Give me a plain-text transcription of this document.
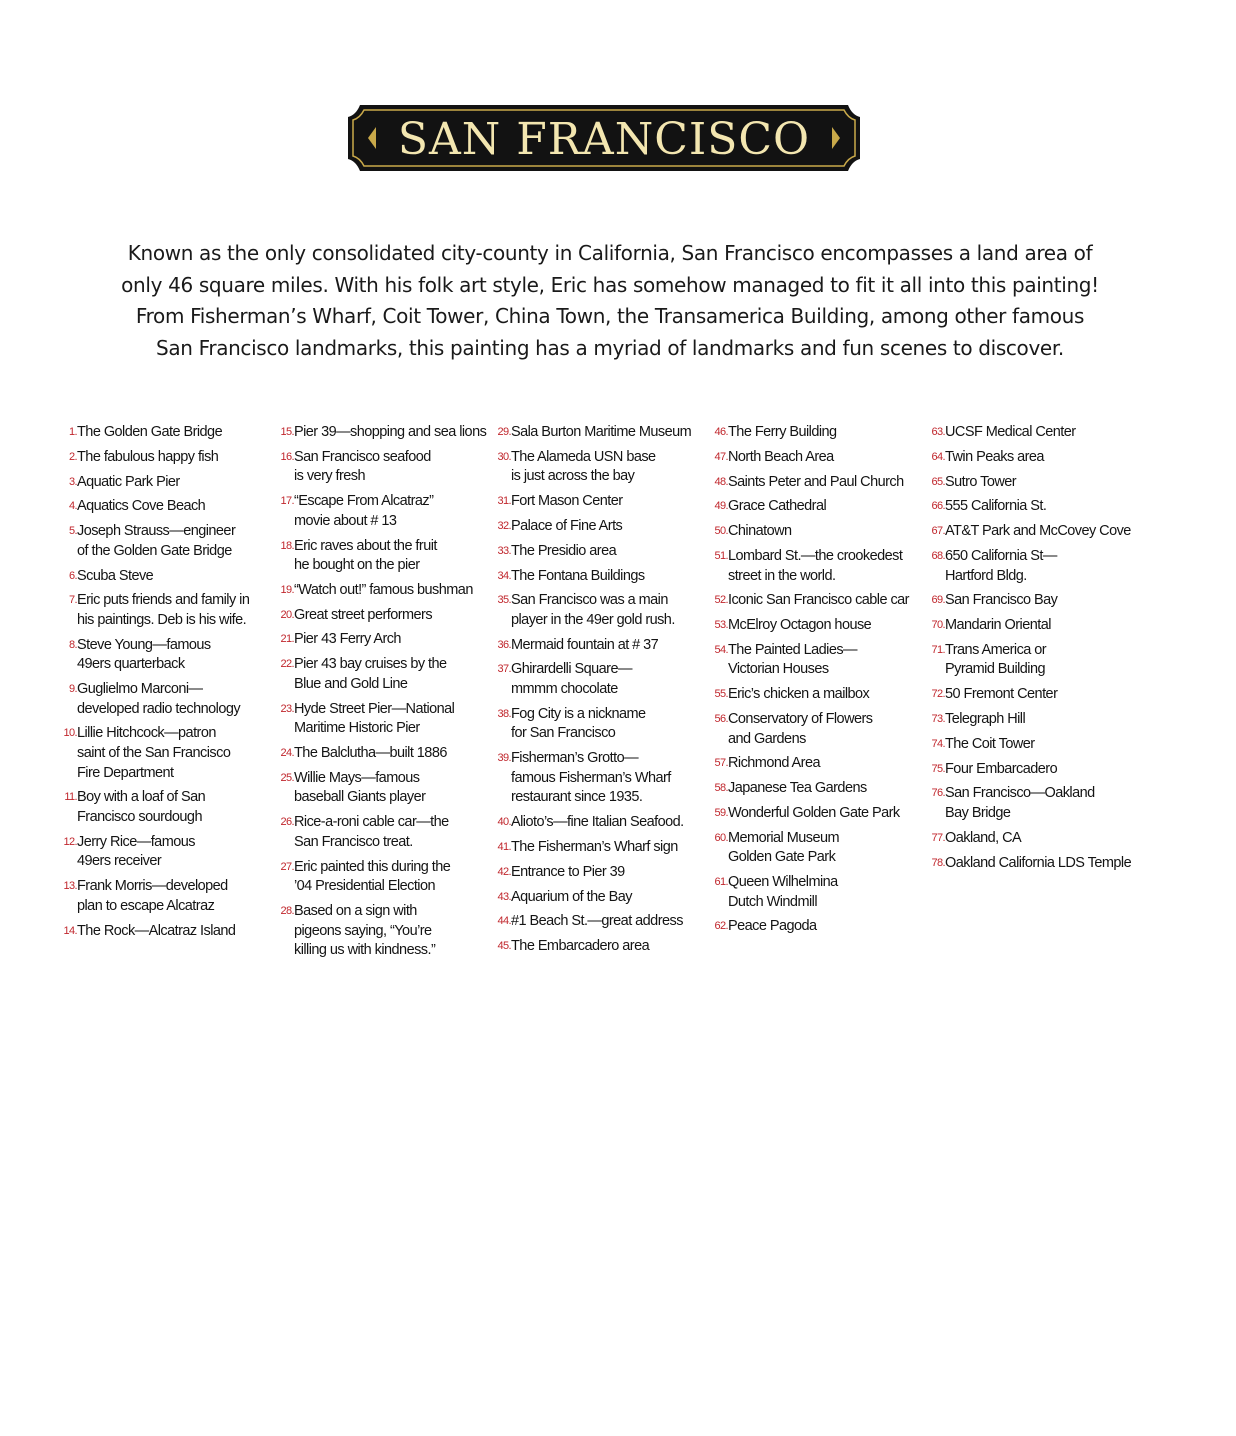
SAN FRANCISCO
Known as the only consolidated city-county in California, San Francisco encompasses a land area of
only 46 square miles. With his folk art style, Eric has somehow managed to fit it all into this painting!
From Fisherman’s Wharf, Coit Tower, China Town, the Transamerica Building, among other famous
San Francisco landmarks, this painting has a myriad of landmarks and fun scenes to discover.
1. The Golden Gate Bridge
2. The fabulous happy fish
3. Aquatic Park Pier
4. Aquatics Cove Beach
5. Joseph Strauss—engineer
of the Golden Gate Bridge
6. Scuba Steve
7. Eric puts friends and family in
his paintings. Deb is his wife.
8. Steve Young—famous
49ers quarterback
9. Guglielmo Marconi—
developed radio technology
10. Lillie Hitchcock—patron
saint of the San Francisco
Fire Department
11. Boy with a loaf of San
Francisco sourdough
12. Jerry Rice—famous
49ers receiver
13. Frank Morris—developed
plan to escape Alcatraz
14. The Rock—Alcatraz Island
15. Pier 39—shopping and sea lions
16. San Francisco seafood
is very fresh
17. “Escape From Alcatraz”
movie about # 13
18. Eric raves about the fruit
he bought on the pier
19. “Watch out!” famous bushman
20. Great street performers
21. Pier 43 Ferry Arch
22. Pier 43 bay cruises by the
Blue and Gold Line
23. Hyde Street Pier—National
Maritime Historic Pier
24. The Balclutha—built 1886
25. Willie Mays—famous
baseball Giants player
26. Rice-a-roni cable car—the
San Francisco treat.
27. Eric painted this during the
’04 Presidential Election
28. Based on a sign with
pigeons saying, “You’re
killing us with kindness.”
29. Sala Burton Maritime Museum
30. The Alameda USN base
is just across the bay
31. Fort Mason Center
32. Palace of Fine Arts
33. The Presidio area
34. The Fontana Buildings
35. San Francisco was a main
player in the 49er gold rush.
36. Mermaid fountain at # 37
37. Ghirardelli Square—
mmmm chocolate
38. Fog City is a nickname
for San Francisco
39. Fisherman’s Grotto—
famous Fisherman’s Wharf
restaurant since 1935.
40. Alioto’s—fine Italian Seafood.
41. The Fisherman’s Wharf sign
42. Entrance to Pier 39
43. Aquarium of the Bay
44. #1 Beach St.—great address
45. The Embarcadero area
46. The Ferry Building
47. North Beach Area
48. Saints Peter and Paul Church
49. Grace Cathedral
50. Chinatown
51. Lombard St.—the crookedest
street in the world.
52. Iconic San Francisco cable car
53. McElroy Octagon house
54. The Painted Ladies—
Victorian Houses
55. Eric’s chicken a mailbox
56. Conservatory of Flowers
and Gardens
57. Richmond Area
58. Japanese Tea Gardens
59. Wonderful Golden Gate Park
60. Memorial Museum
Golden Gate Park
61. Queen Wilhelmina
Dutch Windmill
62. Peace Pagoda
63. UCSF Medical Center
64. Twin Peaks area
65. Sutro Tower
66. 555 California St.
67. AT&T Park and McCovey Cove
68. 650 California St—
Hartford Bldg.
69. San Francisco Bay
70. Mandarin Oriental
71. Trans America or
Pyramid Building
72. 50 Fremont Center
73. Telegraph Hill
74. The Coit Tower
75. Four Embarcadero
76. San Francisco—Oakland
Bay Bridge
77. Oakland, CA
78. Oakland California LDS Temple
